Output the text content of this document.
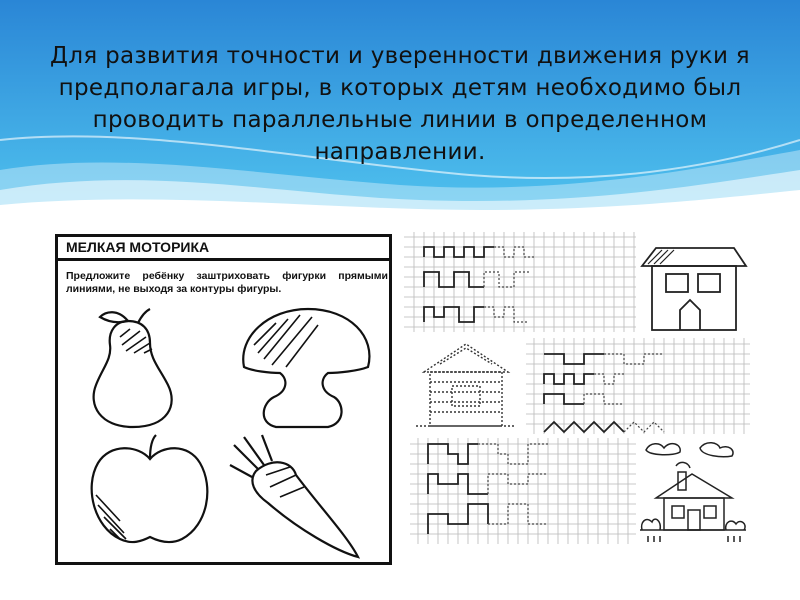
Для развития точности и уверенности движения руки я предполагала игры, в которых детям необходимо был проводить параллельные линии в определенном направлении.
МЕЛКАЯ МОТОРИКА
Предложите ребёнку заштриховать фигурки прямыми линиями, не выходя за контуры фигуры.
